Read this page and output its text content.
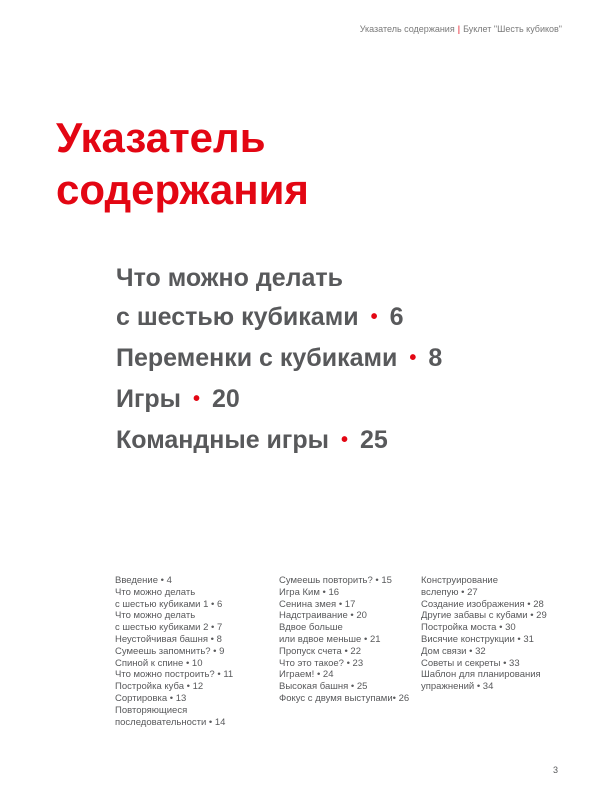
Указатель содержания | Буклет "Шесть кубиков"
Указатель
содержания
Что можно делать
с шестью кубиками • 6
Переменки с кубиками • 8
Игры • 20
Командные игры • 25
Введение • 4
Что можно делать
с шестью кубиками 1 • 6
Что можно делать
с шестью кубиками 2 • 7
Неустойчивая башня • 8
Сумеешь запомнить? • 9
Спиной к спине • 10
Что можно построить? • 11
Постройка куба • 12
Сортировка • 13
Повторяющиеся
последовательности • 14
Сумеешь повторить? • 15
Игра Ким • 16
Сенина змея • 17
Надстраивание • 20
Вдвое больше
или вдвое меньше • 21
Пропуск счета • 22
Что это такое? • 23
Играем! • 24
Высокая башня • 25
Фокус с двумя выступами• 26
Конструирование
вслепую • 27
Создание изображения • 28
Другие забавы с кубами • 29
Постройка моста • 30
Висячие конструкции • 31
Дом связи • 32
Советы и секреты • 33
Шаблон для планирования
упражнений • 34
3
